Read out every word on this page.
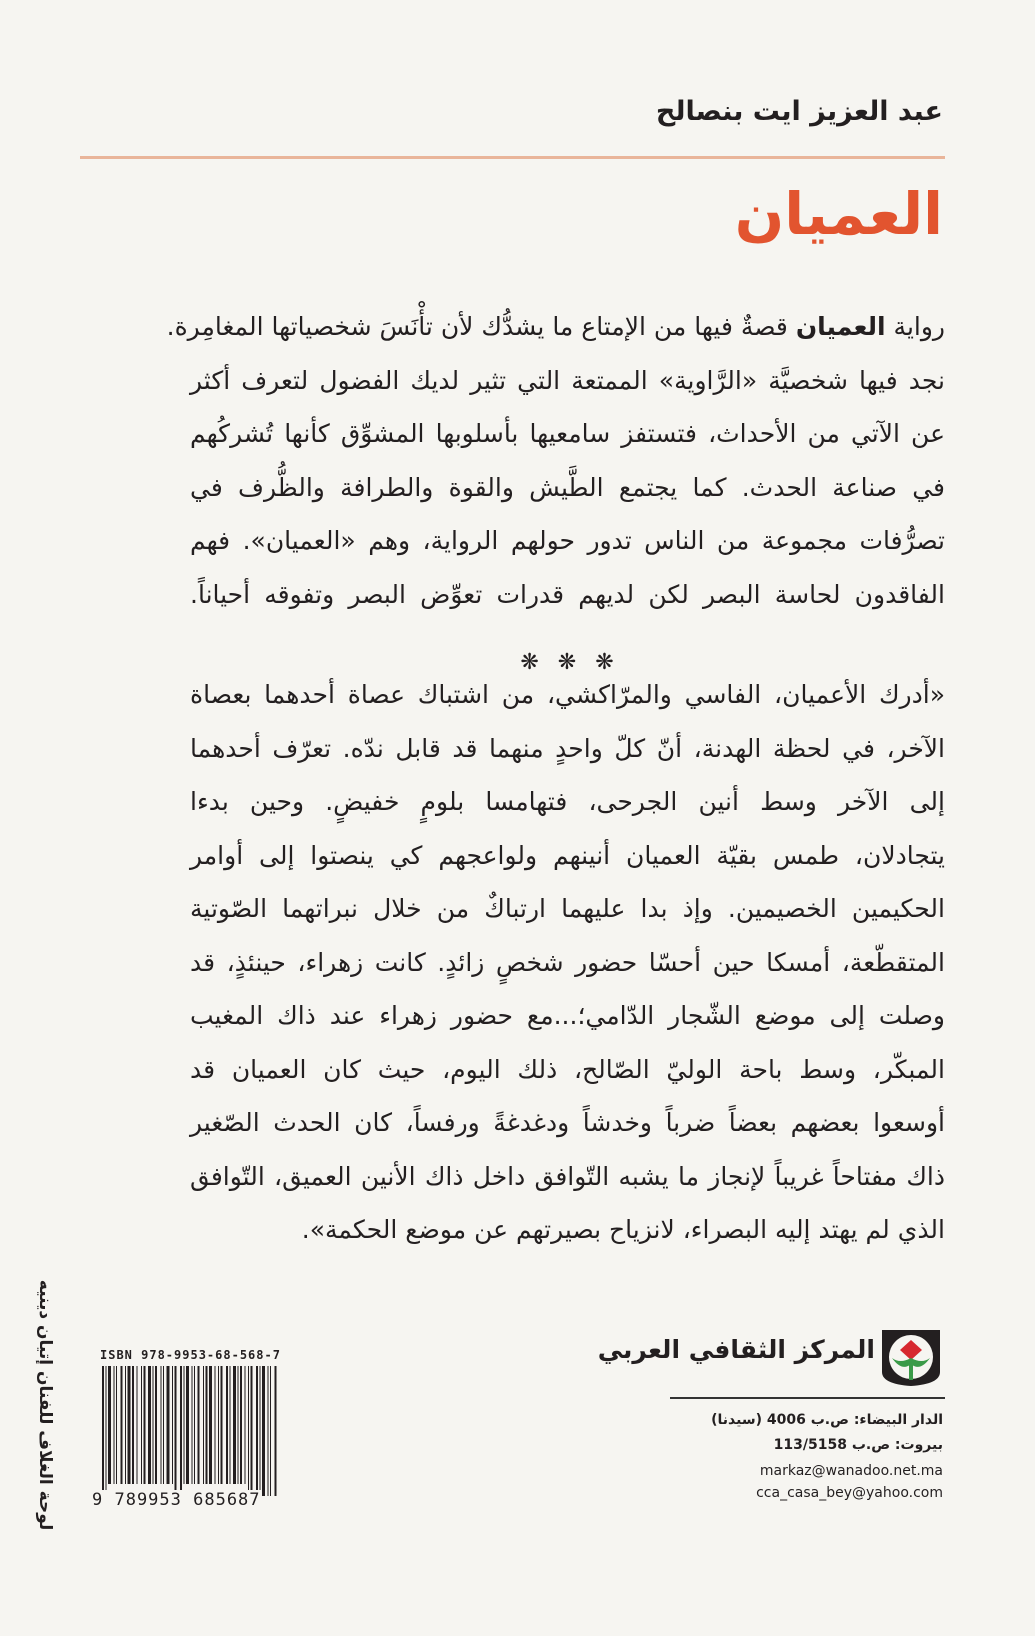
عبد العزيز ايت بنصالح
العميان
رواية العميان قصةٌ فيها من الإمتاع ما يشدُّك لأن تأْنَسَ شخصياتها المغامِرة.
نجد فيها شخصيَّة «الرَّاوية» الممتعة التي تثير لديك الفضول لتعرف أكثر
عن الآتي من الأحداث، فتستفز سامعيها بأسلوبها المشوِّق كأنها تُشركُهم
في صناعة الحدث. كما يجتمع الطَّيش والقوة والطرافة والظُّرف في
تصرُّفات مجموعة من الناس تدور حولهم الرواية، وهم «العميان». فهم
الفاقدون لحاسة البصر لكن لديهم قدرات تعوِّض البصر وتفوقه أحياناً.
❋ ❋ ❋
«أدرك الأعميان، الفاسي والمرّاكشي، من اشتباك عصاة أحدهما بعصاة
الآخر، في لحظة الهدنة، أنّ كلّ واحدٍ منهما قد قابل ندّه. تعرّف أحدهما
إلى الآخر وسط أنين الجرحى، فتهامسا بلومٍ خفيضٍ. وحين بدءا
يتجادلان، طمس بقيّة العميان أنينهم ولواعجهم كي ينصتوا إلى أوامر
الحكيمين الخصيمين. وإذ بدا عليهما ارتباكٌ من خلال نبراتهما الصّوتية
المتقطّعة، أمسكا حين أحسّا حضور شخصٍ زائدٍ. كانت زهراء، حينئذٍ، قد
وصلت إلى موضع الشّجار الدّامي؛...مع حضور زهراء عند ذاك المغيب
المبكّر، وسط باحة الوليّ الصّالح، ذلك اليوم، حيث كان العميان قد
أوسعوا بعضهم بعضاً ضرباً وخدشاً ودغدغةً ورفساً، كان الحدث الصّغير
ذاك مفتاحاً غريباً لإنجاز ما يشبه التّوافق داخل ذاك الأنين العميق، التّوافق
الذي لم يهتد إليه البصراء، لانزياح بصيرتهم عن موضع الحكمة».
لوحة الغلاف للفنان إتيان دينيه	ISBN 978-9953-68-568-7
9 789953 685687
المركز الثقافي العربي
الدار البيضاء: ص.ب 4006 (سيدنا)
بيروت: ص.ب 113/5158
markaz@wanadoo.net.ma
cca_casa_bey@yahoo.com
